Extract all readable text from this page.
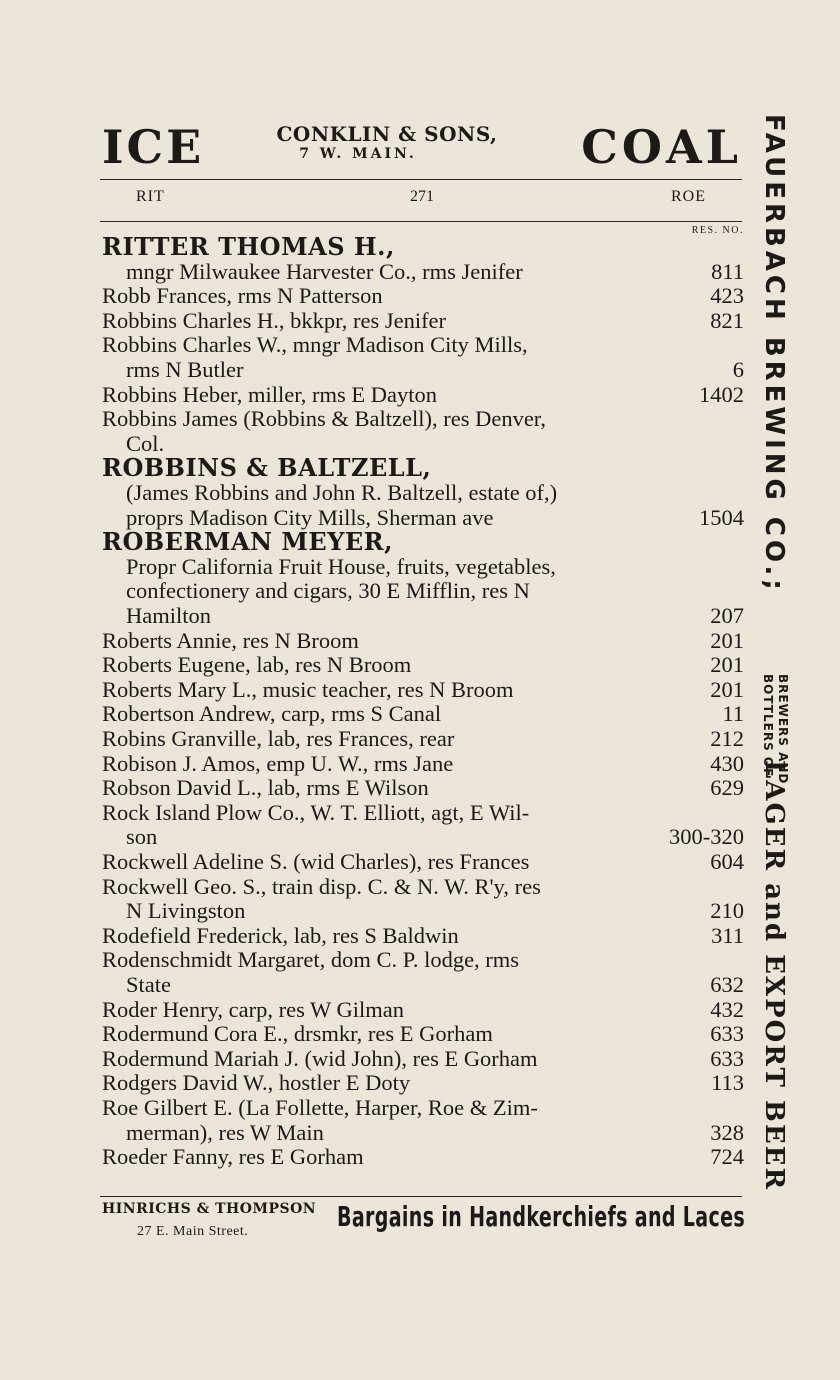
ICE	CONKLIN & SONS,
7 W. MAIN.	COAL
RIT	271	ROE
RES. NO.
RITTER THOMAS H.,
mngr Milwaukee Harvester Co., rms Jenifer	811
Robb Frances, rms N Patterson	423
Robbins Charles H., bkkpr, res Jenifer	821
Robbins Charles W., mngr Madison City Mills,
rms N Butler	6
Robbins Heber, miller, rms E Dayton	1402
Robbins James (Robbins & Baltzell), res Denver,
Col.
ROBBINS & BALTZELL,
(James Robbins and John R. Baltzell, estate of,)
proprs Madison City Mills, Sherman ave	1504
ROBERMAN MEYER,
Propr California Fruit House, fruits, vegetables,
confectionery and cigars, 30 E Mifflin, res N
Hamilton	207
Roberts Annie, res N Broom	201
Roberts Eugene, lab, res N Broom	201
Roberts Mary L., music teacher, res N Broom	201
Robertson Andrew, carp, rms S Canal	11
Robins Granville, lab, res Frances, rear	212
Robison J. Amos, emp U. W., rms Jane	430
Robson David L., lab, rms E Wilson	629
Rock Island Plow Co., W. T. Elliott, agt, E Wil-
son	300-320
Rockwell Adeline S. (wid Charles), res Frances	604
Rockwell Geo. S., train disp. C. & N. W. R'y, res
N Livingston	210
Rodefield Frederick, lab, res S Baldwin	311
Rodenschmidt Margaret, dom C. P. lodge, rms
State	632
Roder Henry, carp, res W Gilman	432
Rodermund Cora E., drsmkr, res E Gorham	633
Rodermund Mariah J. (wid John), res E Gorham	633
Rodgers David W., hostler E Doty	113
Roe Gilbert E. (La Follette, Harper, Roe & Zim-
merman), res W Main	328
Roeder Fanny, res E Gorham	724
HINRICHS & THOMPSON
27 E. Main Street.	Bargains in Handkerchiefs and Laces
FAUERBACH BREWING CO.;
BREWERS AND
BOTTLERS OF
LAGER and EXPORT BEER
